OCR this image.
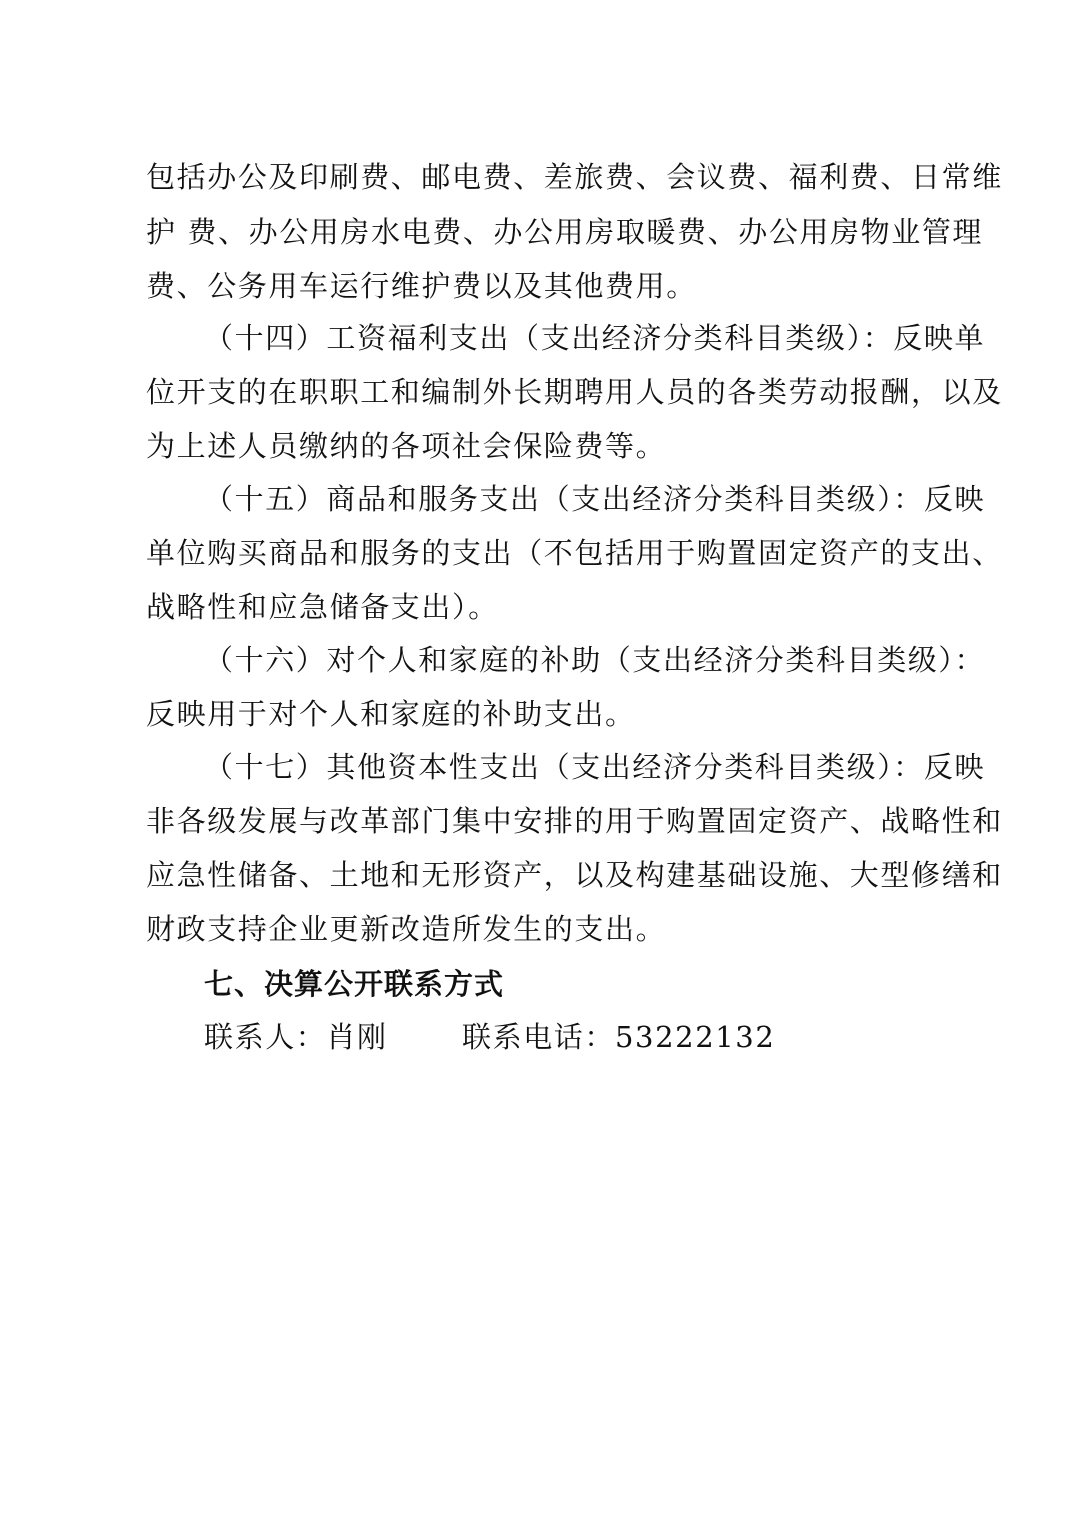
包括办公及印刷费、邮电费、差旅费、会议费、福利费、日常维
护 费、办公用房水电费、办公用房取暖费、办公用房物业管理
费、公务用车运行维护费以及其他费用。
（十四）工资福利支出（支出经济分类科目类级）：反映单
位开支的在职职工和编制外长期聘用人员的各类劳动报酬，以及
为上述人员缴纳的各项社会保险费等。
（十五）商品和服务支出（支出经济分类科目类级）：反映
单位购买商品和服务的支出（不包括用于购置固定资产的支出、
战略性和应急储备支出）。
（十六）对个人和家庭的补助（支出经济分类科目类级）：
反映用于对个人和家庭的补助支出。
（十七）其他资本性支出（支出经济分类科目类级）：反映
非各级发展与改革部门集中安排的用于购置固定资产、战略性和
应急性储备、土地和无形资产，以及构建基础设施、大型修缮和
财政支持企业更新改造所发生的支出。
七、决算公开联系方式
联系人：肖刚	联系电话：53222132
